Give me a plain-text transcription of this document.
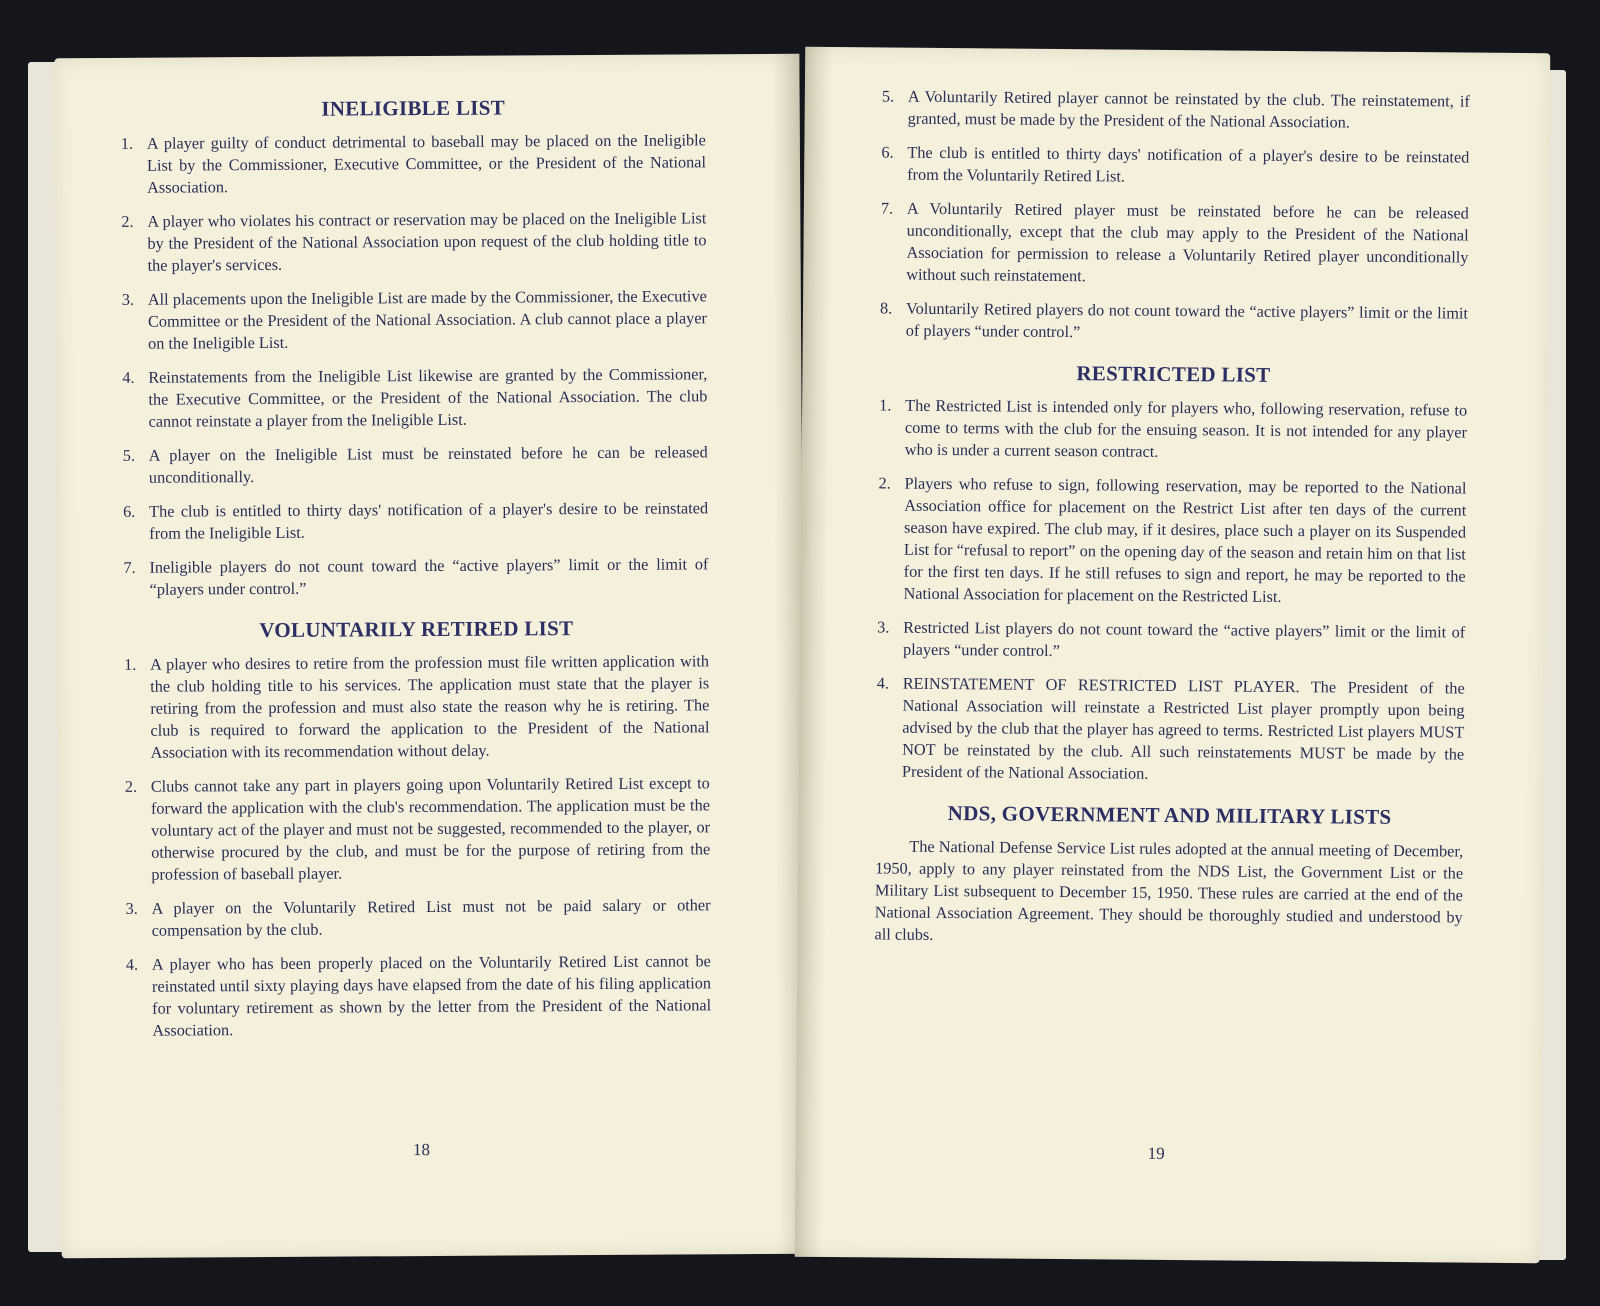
INELIGIBLE LIST
1. A player guilty of conduct detrimental to baseball may be placed on the Ineligible List by the Commissioner, Executive Committee, or the President of the National Association.
2. A player who violates his contract or reservation may be placed on the Ineligible List by the President of the National Association upon request of the club holding title to the player's services.
3. All placements upon the Ineligible List are made by the Commissioner, the Executive Committee or the President of the National Association. A club cannot place a player on the Ineligible List.
4. Reinstatements from the Ineligible List likewise are granted by the Commissioner, the Executive Committee, or the President of the National Association. The club cannot reinstate a player from the Ineligible List.
5. A player on the Ineligible List must be reinstated before he can be released unconditionally.
6. The club is entitled to thirty days' notification of a player's desire to be reinstated from the Ineligible List.
7. Ineligible players do not count toward the “active players” limit or the limit of “players under control.”
VOLUNTARILY RETIRED LIST
1. A player who desires to retire from the profession must file written application with the club holding title to his services. The application must state that the player is retiring from the profession and must also state the reason why he is retiring. The club is required to forward the application to the President of the National Association with its recommendation without delay.
2. Clubs cannot take any part in players going upon Voluntarily Retired List except to forward the application with the club's recommendation. The application must be the voluntary act of the player and must not be suggested, recommended to the player, or otherwise procured by the club, and must be for the purpose of retiring from the profession of baseball player.
3. A player on the Voluntarily Retired List must not be paid salary or other compensation by the club.
4. A player who has been properly placed on the Voluntarily Retired List cannot be reinstated until sixty playing days have elapsed from the date of his filing application for voluntary retirement as shown by the letter from the President of the National Association.
18
5. A Voluntarily Retired player cannot be reinstated by the club. The reinstatement, if granted, must be made by the President of the National Association.
6. The club is entitled to thirty days' notification of a player's desire to be reinstated from the Voluntarily Retired List.
7. A Voluntarily Retired player must be reinstated before he can be released unconditionally, except that the club may apply to the President of the National Association for permission to release a Voluntarily Retired player unconditionally without such reinstatement.
8. Voluntarily Retired players do not count toward the “active players” limit or the limit of players “under control.”
RESTRICTED LIST
1. The Restricted List is intended only for players who, following reservation, refuse to come to terms with the club for the ensuing season. It is not intended for any player who is under a current season contract.
2. Players who refuse to sign, following reservation, may be reported to the National Association office for placement on the Restrict List after ten days of the current season have expired. The club may, if it desires, place such a player on its Suspended List for “refusal to report” on the opening day of the season and retain him on that list for the first ten days. If he still refuses to sign and report, he may be reported to the National Association for placement on the Restricted List.
3. Restricted List players do not count toward the “active players” limit or the limit of players “under control.”
4. REINSTATEMENT OF RESTRICTED LIST PLAYER. The President of the National Association will reinstate a Restricted List player promptly upon being advised by the club that the player has agreed to terms. Restricted List players MUST NOT be reinstated by the club. All such reinstatements MUST be made by the President of the National Association.
NDS, GOVERNMENT AND MILITARY LISTS

The National Defense Service List rules adopted at the annual meeting of December, 1950, apply to any player reinstated from the NDS List, the Government List or the Military List subsequent to December 15, 1950. These rules are carried at the end of the National Association Agreement. They should be thoroughly studied and understood by all clubs.

19
